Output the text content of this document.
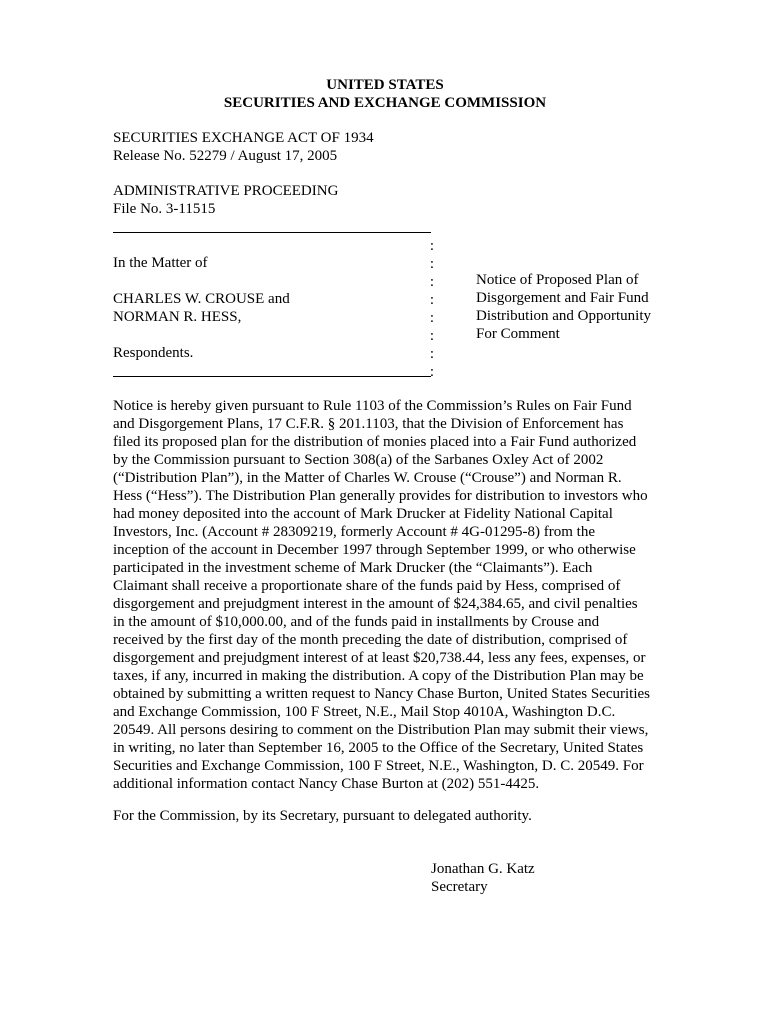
UNITED STATES
SECURITIES AND EXCHANGE COMMISSION
SECURITIES EXCHANGE ACT OF 1934
Release No. 52279 / August 17, 2005
ADMINISTRATIVE PROCEEDING
File No. 3-11515
In the Matter of
CHARLES W. CROUSE and
NORMAN R. HESS,
Respondents.
:
:
:
:
:
:
:
:
Notice of Proposed Plan of
Disgorgement and Fair Fund
Distribution and Opportunity
For Comment
Notice is hereby given pursuant to Rule 1103 of the Commission’s Rules on Fair Fund
and Disgorgement Plans, 17 C.F.R. § 201.1103, that the Division of Enforcement has
filed its proposed plan for the distribution of monies placed into a Fair Fund authorized
by the Commission pursuant to Section 308(a) of the Sarbanes Oxley Act of 2002
(“Distribution Plan”), in the Matter of Charles W. Crouse (“Crouse”) and Norman R.
Hess (“Hess”). The Distribution Plan generally provides for distribution to investors who
had money deposited into the account of Mark Drucker at Fidelity National Capital
Investors, Inc. (Account # 28309219, formerly Account # 4G-01295-8) from the
inception of the account in December 1997 through September 1999, or who otherwise
participated in the investment scheme of Mark Drucker (the “Claimants”). Each
Claimant shall receive a proportionate share of the funds paid by Hess, comprised of
disgorgement and prejudgment interest in the amount of $24,384.65, and civil penalties
in the amount of $10,000.00, and of the funds paid in installments by Crouse and
received by the first day of the month preceding the date of distribution, comprised of
disgorgement and prejudgment interest of at least $20,738.44, less any fees, expenses, or
taxes, if any, incurred in making the distribution. A copy of the Distribution Plan may be
obtained by submitting a written request to Nancy Chase Burton, United States Securities
and Exchange Commission, 100 F Street, N.E., Mail Stop 4010A, Washington D.C.
20549. All persons desiring to comment on the Distribution Plan may submit their views,
in writing, no later than September 16, 2005 to the Office of the Secretary, United States
Securities and Exchange Commission, 100 F Street, N.E., Washington, D. C. 20549. For
additional information contact Nancy Chase Burton at (202) 551-4425.
For the Commission, by its Secretary, pursuant to delegated authority.
Jonathan G. Katz
Secretary
